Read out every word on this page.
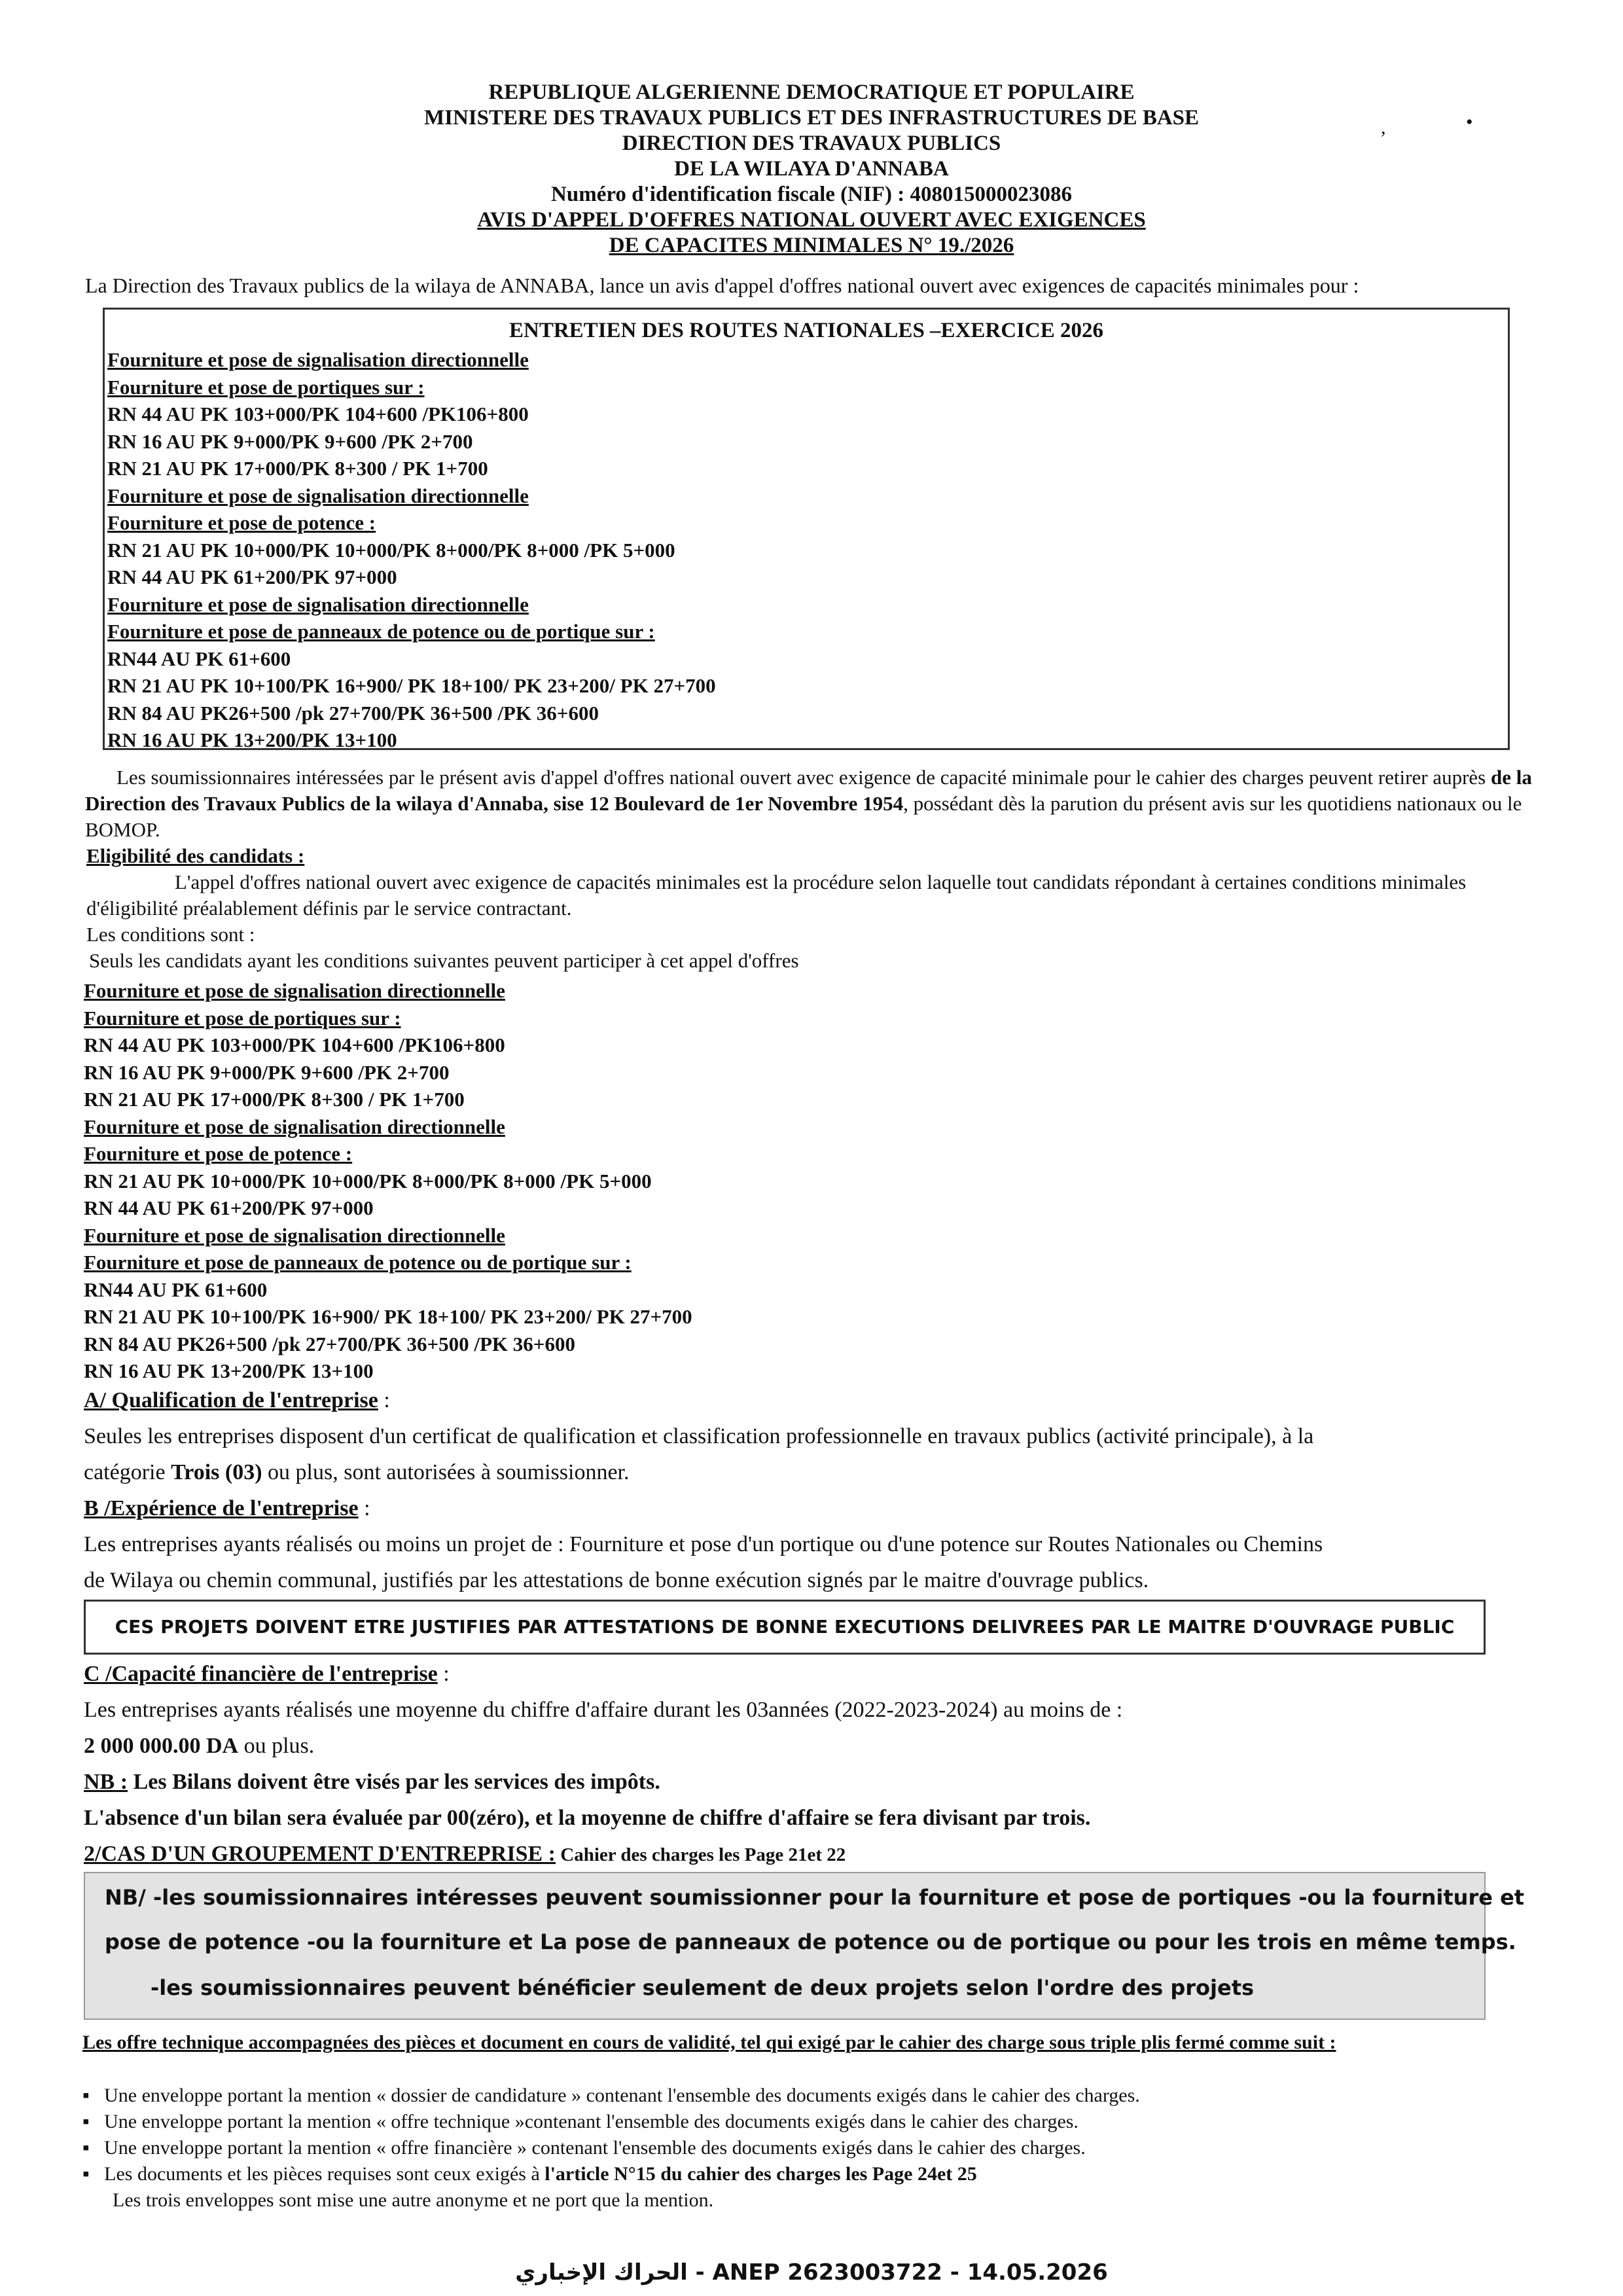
REPUBLIQUE ALGERIENNE DEMOCRATIQUE ET POPULAIRE
MINISTERE DES TRAVAUX PUBLICS ET DES INFRASTRUCTURES DE BASE
DIRECTION DES TRAVAUX PUBLICS
DE LA WILAYA D'ANNABA
Numéro d'identification fiscale (NIF) : 408015000023086
AVIS D'APPEL D'OFFRES NATIONAL OUVERT AVEC EXIGENCES
DE CAPACITES MINIMALES N° 19./2026
,	•
La Direction des Travaux publics de la wilaya de ANNABA, lance un avis d'appel d'offres national ouvert avec exigences de capacités minimales pour :
ENTRETIEN DES ROUTES NATIONALES –EXERCICE 2026
Fourniture et pose de signalisation directionnelle
Fourniture et pose de portiques sur :
RN 44 AU PK 103+000/PK 104+600 /PK106+800
RN 16 AU PK 9+000/PK 9+600 /PK 2+700
RN 21 AU PK 17+000/PK 8+300 / PK 1+700
Fourniture et pose de signalisation directionnelle
Fourniture et pose de potence :
RN 21 AU PK 10+000/PK 10+000/PK 8+000/PK 8+000 /PK 5+000
RN 44 AU PK 61+200/PK 97+000
Fourniture et pose de signalisation directionnelle
Fourniture et pose de panneaux de potence ou de portique sur :
RN44 AU PK 61+600
RN 21 AU PK 10+100/PK 16+900/ PK 18+100/ PK 23+200/ PK 27+700
RN 84 AU PK26+500 /pk 27+700/PK 36+500 /PK 36+600
RN 16 AU PK 13+200/PK 13+100

Les soumissionnaires intéressées par le présent avis d'appel d'offres national ouvert avec exigence de capacité minimale pour le cahier des charges peuvent retirer auprès de la Direction des Travaux Publics de la wilaya d'Annaba, sise 12 Boulevard de 1er Novembre 1954, possédant dès la parution du présent avis sur les quotidiens nationaux ou le BOMOP.

Eligibilité des candidats :

L'appel d'offres national ouvert avec exigence de capacités minimales est la procédure selon laquelle tout candidats répondant à certaines conditions minimales d'éligibilité préalablement définis par le service contractant.

Les conditions sont :

Seuls les candidats ayant les conditions suivantes peuvent participer à cet appel d'offres

Fourniture et pose de signalisation directionnelle
Fourniture et pose de portiques sur :
RN 44 AU PK 103+000/PK 104+600 /PK106+800
RN 16 AU PK 9+000/PK 9+600 /PK 2+700
RN 21 AU PK 17+000/PK 8+300 / PK 1+700
Fourniture et pose de signalisation directionnelle
Fourniture et pose de potence :
RN 21 AU PK 10+000/PK 10+000/PK 8+000/PK 8+000 /PK 5+000
RN 44 AU PK 61+200/PK 97+000
Fourniture et pose de signalisation directionnelle
Fourniture et pose de panneaux de potence ou de portique sur :
RN44 AU PK 61+600
RN 21 AU PK 10+100/PK 16+900/ PK 18+100/ PK 23+200/ PK 27+700
RN 84 AU PK26+500 /pk 27+700/PK 36+500 /PK 36+600
RN 16 AU PK 13+200/PK 13+100

A/ Qualification de l'entreprise :

Seules les entreprises disposent d'un certificat de qualification et classification professionnelle en travaux publics (activité principale), à la

catégorie Trois (03) ou plus, sont autorisées à soumissionner.

B /Expérience de l'entreprise :

Les entreprises ayants réalisés ou moins un projet de : Fourniture et pose d'un portique ou d'une potence sur Routes Nationales ou Chemins

de Wilaya ou chemin communal, justifiés par les attestations de bonne exécution signés par le maitre d'ouvrage publics.

CES PROJETS DOIVENT ETRE JUSTIFIES PAR ATTESTATIONS DE BONNE EXECUTIONS DELIVREES PAR LE MAITRE D'OUVRAGE PUBLIC

C /Capacité financière de l'entreprise :

Les entreprises ayants réalisés une moyenne du chiffre d'affaire durant les 03années (2022-2023-2024) au moins de :

2 000 000.00 DA ou plus.

NB : Les Bilans doivent être visés par les services des impôts.

L'absence d'un bilan sera évaluée par 00(zéro), et la moyenne de chiffre d'affaire se fera divisant par trois.

2/CAS D'UN GROUPEMENT D'ENTREPRISE : Cahier des charges les Page 21et 22

NB/ -les soumissionnaires intéresses peuvent soumissionner pour la fourniture et pose de portiques -ou la fourniture et
pose de potence -ou la fourniture et La pose de panneaux de potence ou de portique ou pour les trois en même temps.
-les soumissionnaires peuvent bénéficier seulement de deux projets selon l'ordre des projets
Les offre technique accompagnées des pièces et document en cours de validité, tel qui exigé par le cahier des charge sous triple plis fermé comme suit :
▪   Une enveloppe portant la mention « dossier de candidature » contenant l'ensemble des documents exigés dans le cahier des charges.
▪   Une enveloppe portant la mention « offre technique »contenant l'ensemble des documents exigés dans le cahier des charges.
▪   Une enveloppe portant la mention « offre financière » contenant l'ensemble des documents exigés dans le cahier des charges.
▪   Les documents et les pièces requises sont ceux exigés à l'article N°15 du cahier des charges les Page 24et 25
Les trois enveloppes sont mise une autre anonyme et ne port que la mention.
الحراك الإخباري - ANEP 2623003722 - 14.05.2026
